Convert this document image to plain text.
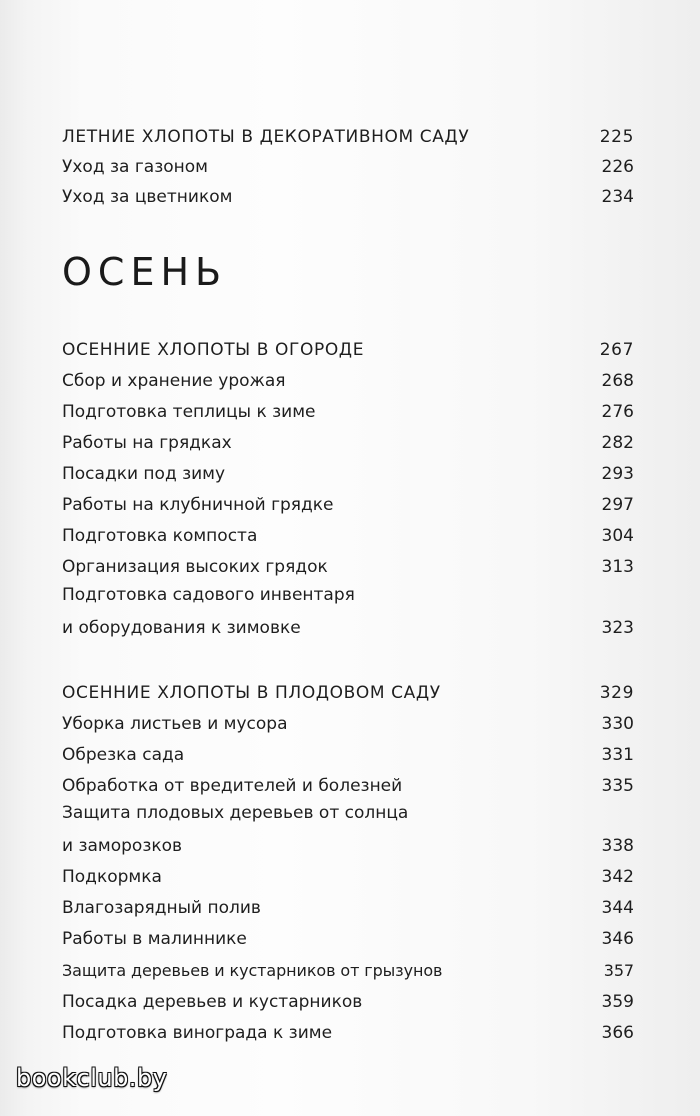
ЛЕТНИЕ ХЛОПОТЫ В ДЕКОРАТИВНОМ САДУ	225
Уход за газоном	226
Уход за цветником	234
ОСЕННИЕ ХЛОПОТЫ В ОГОРОДЕ	267
Сбор и хранение урожая	268
Подготовка теплицы к зиме	276
Работы на грядках	282
Посадки под зиму	293
Работы на клубничной грядке	297
Подготовка компоста	304
Организация высоких грядок	313
Подготовка садового инвентаря
и оборудования к зимовке	323
ОСЕННИЕ ХЛОПОТЫ В ПЛОДОВОМ САДУ	329
Уборка листьев и мусора	330
Обрезка сада	331
Обработка от вредителей и болезней	335
Защита плодовых деревьев от солнца
и заморозков	338
Подкормка	342
Влагозарядный полив	344
Работы в малиннике	346
Защита деревьев и кустарников от грызунов	357
Посадка деревьев и кустарников	359
Подготовка винограда к зиме	366
ОСЕНЬ
bookclub.by
